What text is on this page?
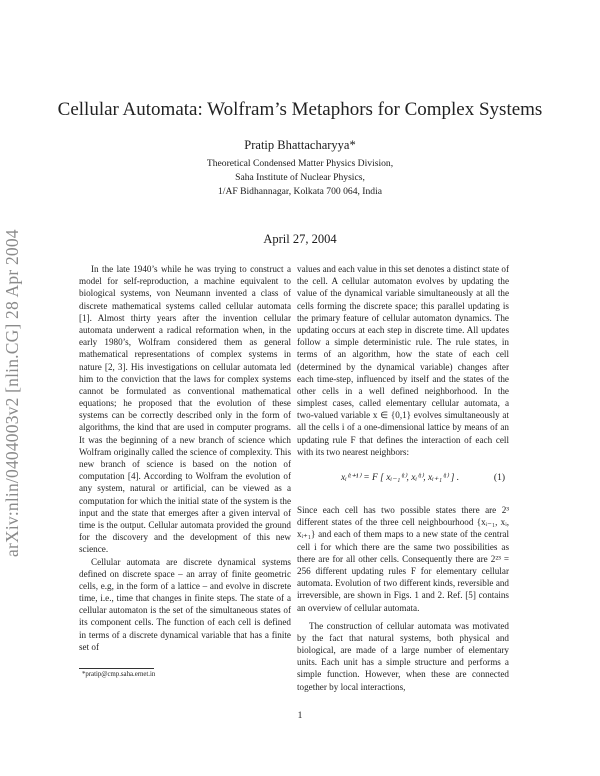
arXiv:nlin/0404003v2 [nlin.CG] 28 Apr 2004
Cellular Automata: Wolfram’s Metaphors for Complex Systems
Pratip Bhattacharyya*
Theoretical Condensed Matter Physics Division,
Saha Institute of Nuclear Physics,
1/AF Bidhannagar, Kolkata 700 064, India
April 27, 2004

In the late 1940’s while he was trying to construct a model for self-reproduction, a machine equivalent to biological systems, von Neumann invented a class of discrete mathematical systems called cellular automata [1]. Almost thirty years after the invention cellular automata underwent a radical reformation when, in the early 1980’s, Wolfram considered them as general mathematical representations of complex systems in nature [2, 3]. His investigations on cellular automata led him to the conviction that the laws for complex systems cannot be formulated as conventional mathematical equations; he proposed that the evolution of these systems can be correctly described only in the form of algorithms, the kind that are used in computer programs. It was the beginning of a new branch of science which Wolfram originally called the science of complexity. This new branch of science is based on the notion of computation [4]. According to Wolfram the evolution of any system, natural or artificial, can be viewed as a computation for which the initial state of the system is the input and the state that emerges after a given interval of time is the output. Cellular automata provided the ground for the discovery and the development of this new science.

Cellular automata are discrete dynamical systems defined on discrete space – an array of finite geometric cells, e.g, in the form of a lattice – and evolve in discrete time, i.e., time that changes in finite steps. The state of a cellular automaton is the set of the simultaneous states of its component cells. The function of each cell is defined in terms of a discrete dynamical variable that has a finite set of

values and each value in this set denotes a distinct state of the cell. A cellular automaton evolves by updating the value of the dynamical variable simultaneously at all the cells forming the discrete space; this parallel updating is the primary feature of cellular automaton dynamics. The updating occurs at each step in discrete time. All updates follow a simple deterministic rule. The rule states, in terms of an algorithm, how the state of each cell (determined by the dynamical variable) changes after each time-step, influenced by itself and the states of the other cells in a well defined neighborhood. In the simplest cases, called elementary cellular automata, a two-valued variable x ∈ {0,1} evolves simultaneously at all the cells i of a one-dimensional lattice by means of an updating rule F that defines the interaction of each cell with its two nearest neighbors:

xᵢ⁽ᵗ⁺¹⁾ = F [ xᵢ₋₁⁽ᵗ⁾, xᵢ⁽ᵗ⁾, xᵢ₊₁⁽ᵗ⁾ ] .	(1)

Since each cell has two possible states there are 2³ different states of the three cell neighbourhood {xᵢ₋₁, xᵢ, xᵢ₊₁} and each of them maps to a new state of the central cell i for which there are the same two possibilities as there are for all other cells. Consequently there are 2²³ = 256 different updating rules F for elementary cellular automata. Evolution of two different kinds, reversible and irreversible, are shown in Figs. 1 and 2. Ref. [5] contains an overview of cellular automata.

The construction of cellular automata was motivated by the fact that natural systems, both physical and biological, are made of a large number of elementary units. Each unit has a simple structure and performs a simple function. However, when these are connected together by local interactions,

*pratip@cmp.saha.ernet.in
1
